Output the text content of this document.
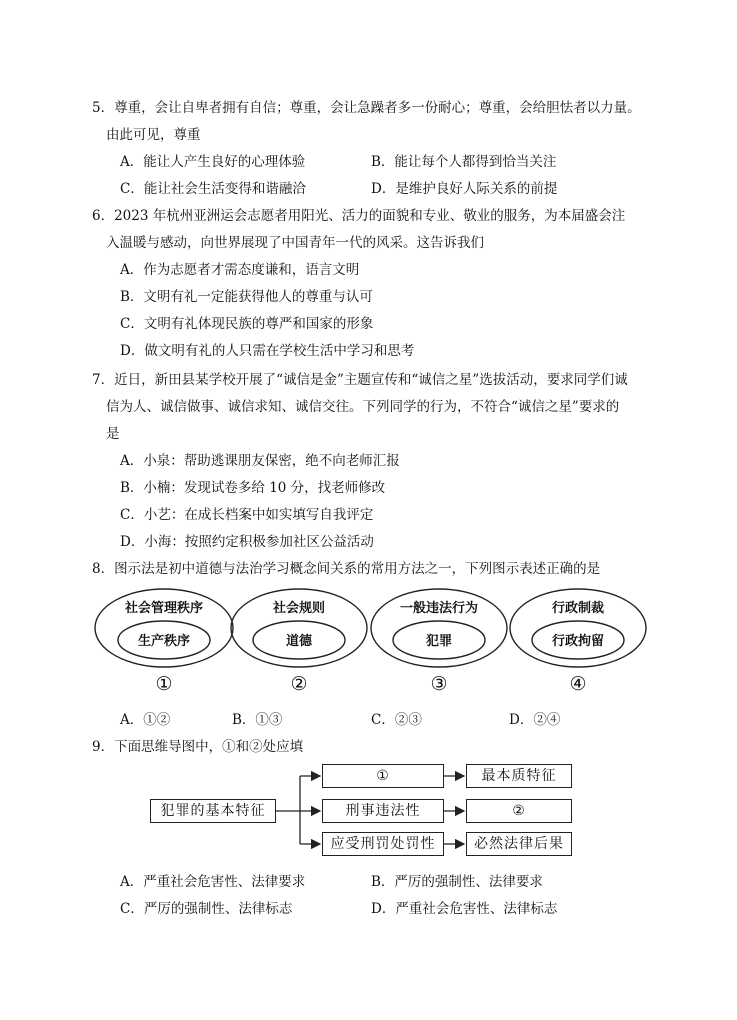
5．尊重，会让自卑者拥有自信；尊重，会让急躁者多一份耐心；尊重，会给胆怯者以力量。
由此可见，尊重
A．能让人产生良好的心理体验	B．能让每个人都得到恰当关注
C．能让社会生活变得和谐融洽	D．是维护良好人际关系的前提
6．2023 年杭州亚洲运会志愿者用阳光、活力的面貌和专业、敬业的服务，为本届盛会注
入温暖与感动，向世界展现了中国青年一代的风采。这告诉我们
A．作为志愿者才需态度谦和，语言文明
B．文明有礼一定能获得他人的尊重与认可
C．文明有礼体现民族的尊严和国家的形象
D．做文明有礼的人只需在学校生活中学习和思考
7．近日，新田县某学校开展了“诚信是金”主题宣传和“诚信之星”选拔活动，要求同学们诚
信为人、诚信做事、诚信求知、诚信交往。下列同学的行为，不符合“诚信之星”要求的
是
A．小泉：帮助逃课朋友保密，绝不向老师汇报
B．小楠：发现试卷多给 10 分，找老师修改
C．小艺：在成长档案中如实填写自我评定
D．小海：按照约定积极参加社区公益活动
8．图示法是初中道德与法治学习概念间关系的常用方法之一，下列图示表述正确的是
社会管理秩序
生产秩序
社会规则
道德
一般违法行为
犯罪
行政制裁
行政拘留
①	②	③	④
A．①②	B．①③	C．②③	D．②④
9．下面思维导图中，①和②处应填
犯罪的基本特征
①
刑事违法性
应受刑罚处罚性
最本质特征
②
必然法律后果
A．严重社会危害性、法律要求	B．严厉的强制性、法律要求
C．严厉的强制性、法律标志	D．严重社会危害性、法律标志
